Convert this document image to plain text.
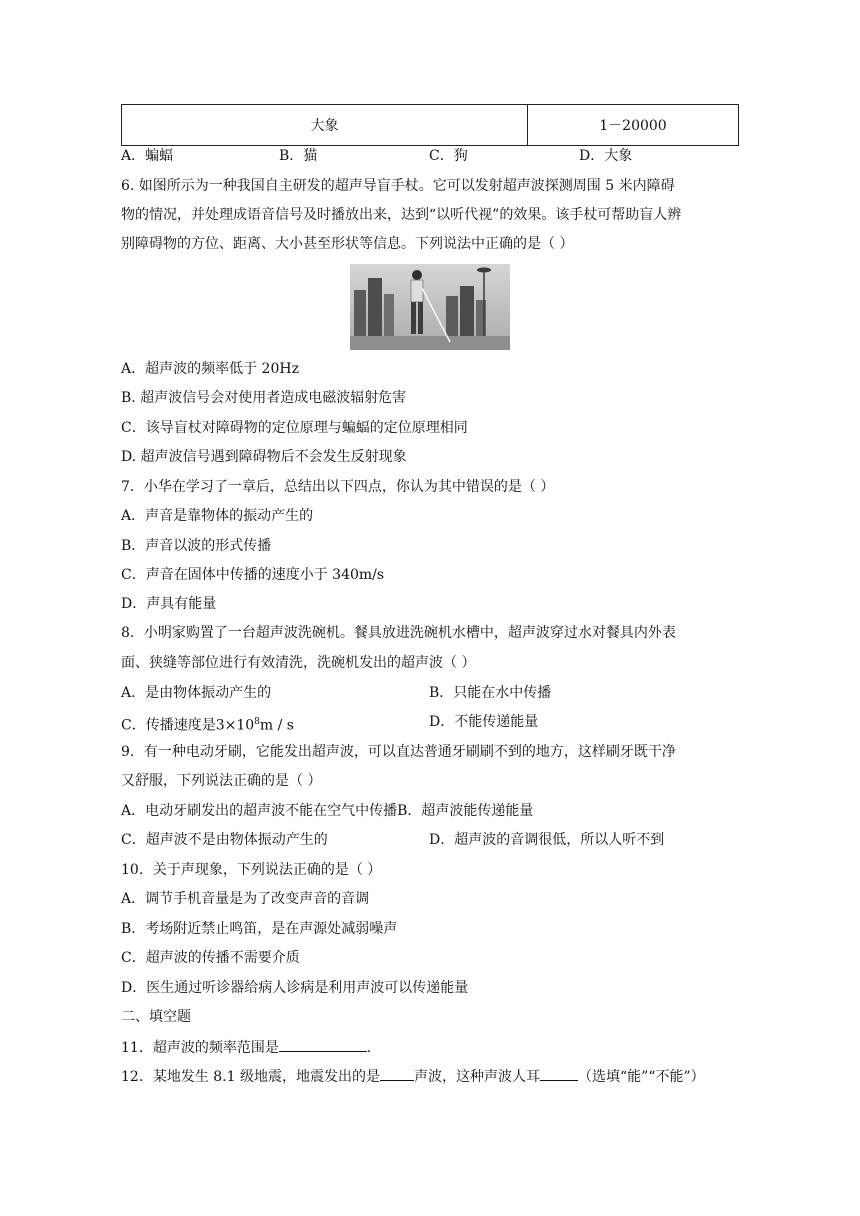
大象	1－20000
A．蝙蝠	B．猫	C．狗	D．大象
6. 如图所示为一种我国自主研发的超声导盲手杖。它可以发射超声波探测周围 5 米内障碍
物的情况，并处理成语音信号及时播放出来，达到“以听代视”的效果。该手杖可帮助盲人辨
别障碍物的方位、距离、大小甚至形状等信息。下列说法中正确的是（ ）
A．超声波的频率低于 20Hz
B. 超声波信号会对使用者造成电磁波辐射危害
C．该导盲杖对障碍物的定位原理与蝙蝠的定位原理相同
D. 超声波信号遇到障碍物后不会发生反射现象
7．小华在学习了一章后，总结出以下四点，你认为其中错误的是（ ）
A．声音是靠物体的振动产生的
B．声音以波的形式传播
C．声音在固体中传播的速度小于 340m/s
D．声具有能量
8．小明家购置了一台超声波洗碗机。餐具放进洗碗机水槽中，超声波穿过水对餐具内外表
面、狭缝等部位进行有效清洗，洗碗机发出的超声波（ ）
A．是由物体振动产生的	B．只能在水中传播
C．传播速度是$3\times 10^8m / s$	D．不能传递能量
9．有一种电动牙刷，它能发出超声波，可以直达普通牙刷刷不到的地方，这样刷牙既干净
又舒服，下列说法正确的是（ ）
A．电动牙刷发出的超声波不能在空气中传播B．超声波能传递能量
C．超声波不是由物体振动产生的	D．超声波的音调很低，所以人听不到
10．关于声现象，下列说法正确的是（ ）
A．调节手机音量是为了改变声音的音调
B．考场附近禁止鸣笛，是在声源处减弱噪声
C．超声波的传播不需要介质
D．医生通过听诊器给病人诊病是利用声波可以传递能量
二、填空题
11．超声波的频率范围是	.
12．某地发生 8.1 级地震，地震发出的是 声波，这种声波人耳	（选填“能”“不能”）
